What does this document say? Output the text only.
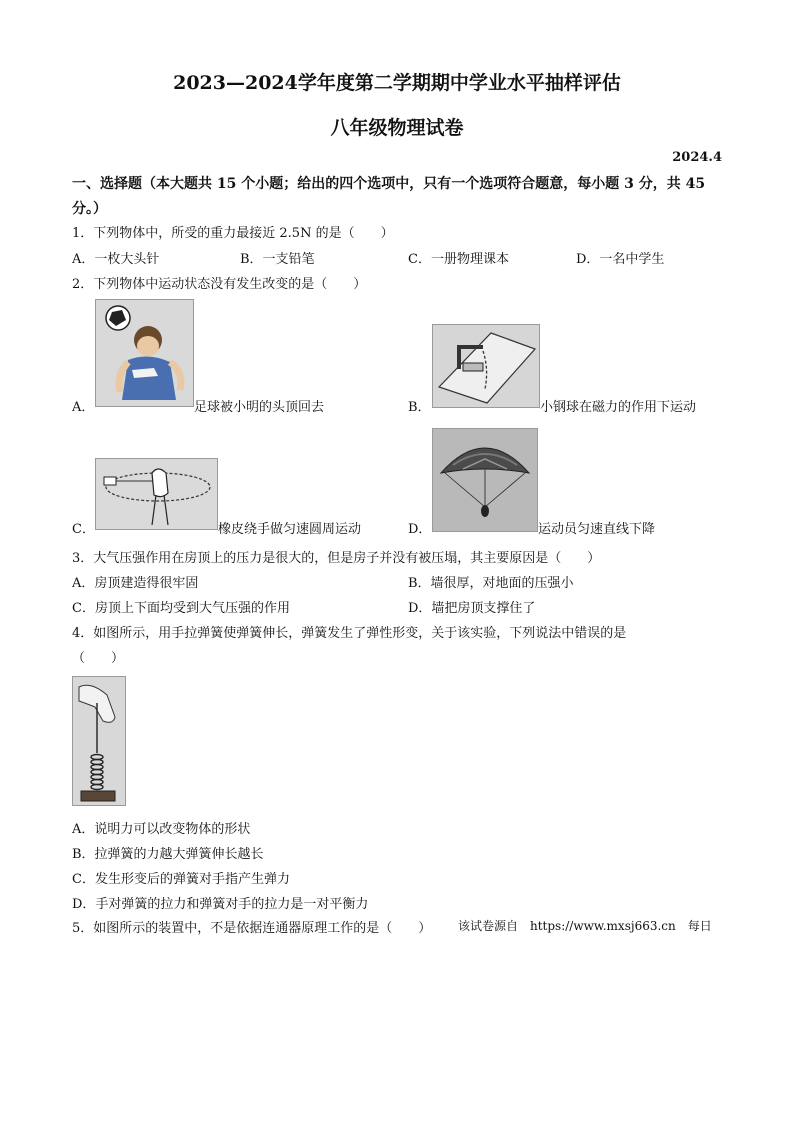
2023—2024学年度第二学期期中学业水平抽样评估
八年级物理试卷
2024.4
一、选择题（本大题共 15 个小题；给出的四个选项中，只有一个选项符合题意，每小题 3 分，共 45 分。）
1．下列物体中，所受的重力最接近 2.5N 的是（　　）
A．一枚大头针	B．一支铅笔	C．一册物理课本	D．一名中学生
2．下列物体中运动状态没有发生改变的是（　　）
A．	足球被小明的头顶回去	B．	小钢球在磁力的作用下运动
C．	橡皮绕手做匀速圆周运动	D．	运动员匀速直线下降
3．大气压强作用在房顶上的压力是很大的，但是房子并没有被压塌，其主要原因是（　　）
A．房顶建造得很牢固	B．墙很厚，对地面的压强小
C．房顶上下面均受到大气压强的作用	D．墙把房顶支撑住了
4．如图所示，用手拉弹簧使弹簧伸长，弹簧发生了弹性形变，关于该实验，下列说法中错误的是
（　　）
A．说明力可以改变物体的形状
B．拉弹簧的力越大弹簧伸长越长
C．发生形变后的弹簧对手指产生弹力
D．手对弹簧的拉力和弹簧对手的拉力是一对平衡力
5．如图所示的装置中，不是依据连通器原理工作的是（　　） 该试卷源自　https://www.mxsj663.cn　每日
